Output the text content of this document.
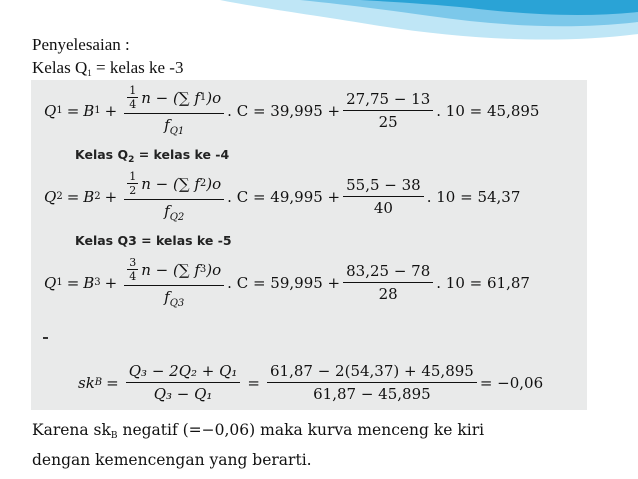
Penyelesaian :
Kelas $Q_1$ = kelas ke -3
Q 1 = B $1 + \frac{\frac{1}{4} n - (\sum f 1 )o}{f_{Q1}}$ . $C = 39,995 + \frac{27,75 - 13}{25}$ . 10 = 45,895
Kelas $Q_2$ = kelas ke -4
Q 2 = B $2 + \frac{\frac{1}{2} n - (\sum f 2 )o}{f_{Q2}}$ . $C = 49,995 + \frac{55,5 - 38}{40}$ . 10 = 54,37
Kelas Q3 = kelas ke -5
Q 1 = B $3 + \frac{\frac{3}{4} n - (\sum f 3 )o}{f_{Q3}}$ . $C = 59,995 + \frac{83,25 - 78}{28}$ . 10 = 61,87
sk $B = \frac{\text{Q₃ − 2Q₂ + Q₁}}{\text{Q₃ − Q₁}} = \frac{61,87 - 2(54,37) + 45,895}{61,87 - 45,895} = -0,06$
Karena $sk_B$ negatif (=−0,06) maka kurva menceng ke kiri
dengan kemencengan yang berarti.
